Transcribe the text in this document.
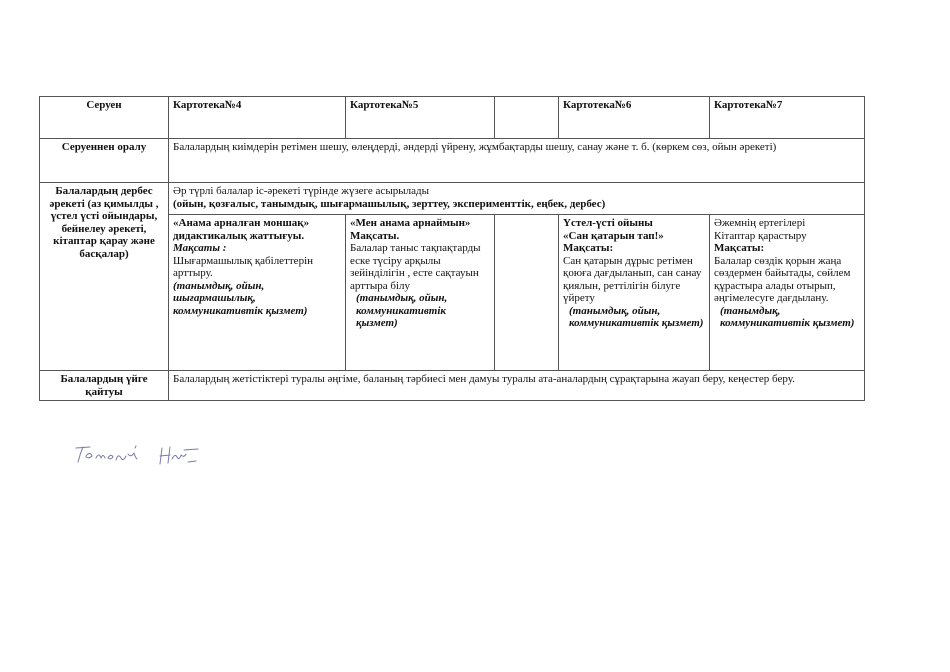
Серуен	Картотека№4	Картотека№5		Картотека№6	Картотека№7
Серуеннен оралу	Балалардың киімдерін ретімен шешу, өлеңдерді, әндерді үйрену, жұмбақтарды шешу, санау және т. б. (көркем сөз, ойын әрекеті)				
Балалардың дербес әрекеті (аз қимылды , үстел үсті ойындары, бейнелеу әрекеті, кітаптар қарау және басқалар)	Әр түрлі балалар іс-әрекеті түрінде жүзеге асырылады
(ойын, қозғалыс, танымдық, шығармашылық, зерттеу, эксперименттік, еңбек, дербес)				

	«Анама арналған моншақ»
дидактикалық жаттығуы.
Мақсаты :
Шығармашылық қабілеттерін арттыру.
(танымдық, ойын, шығармашылық, коммуникативтік қызмет)	«Мен анама арнаймын»
Мақсаты.
Балалар таныс тақпақтарды еске түсіру арқылы зейінділігін , есте сақтауын арттыра білу
(танымдық, ойын, коммуникативтік қызмет)		Үстел-үсті ойыны
«Сан қатарын тап!»
Мақсаты:
Сан қатарын дұрыс ретімен қоюға дағдыланып, сан санау қиялын, реттілігін білуге үйрету
(танымдық, ойын, коммуникативтік қызмет)	Әжемнің ертегілері
Кітаптар қарастыру
Мақсаты:
Балалар сөздік қорын жаңа сөздермен байытады, сөйлем құрастыра алады отырып, әңгімелесуге дағдылану.
(танымдық, коммуникативтік қызмет)

Балалардың үйге қайтуы	Балалардың жетістіктері туралы әңгіме, баланың тәрбиесі мен дамуы туралы ата-аналардың сұрақтарына жауап беру, кеңестер беру.				
